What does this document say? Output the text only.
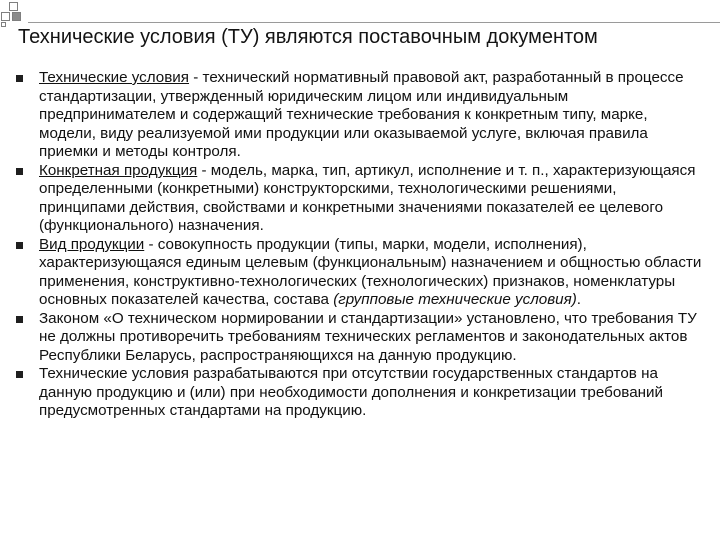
Технические условия (ТУ) являются поставочным документом
Технические условия - технический нормативный правовой акт, разработанный в процессе стандартизации, утвержденный юридическим лицом или индивидуальным предпринимателем и содержащий технические требования к конкретным типу, марке, модели, виду реализуемой ими продукции или оказываемой услуге, включая правила приемки и методы контроля.
Конкретная продукция - модель, марка, тип, артикул, исполнение и т. п., характеризующаяся определенными (конкретными) конструкторскими, технологическими решениями, принципами действия, свойствами и конкретными значениями показателей ее целевого (функционального) назначения.
Вид продукции - совокупность продукции (типы, марки, модели, исполнения), характеризующаяся единым целевым (функциональным) назначением и общностью области применения, конструктивно-технологических (технологических) признаков, номенклатуры основных показателей качества, состава (групповые технические условия).
Законом «О техническом нормировании и стандартизации» установлено, что требования ТУ не должны противоречить требованиям технических регламентов и законодательных актов Республики Беларусь, распространяющихся на данную продукцию.
Технические условия разрабатываются при отсутствии государственных стандартов на данную продукцию и (или) при необходимости дополнения и конкретизации требований предусмотренных стандартами на продукцию.
